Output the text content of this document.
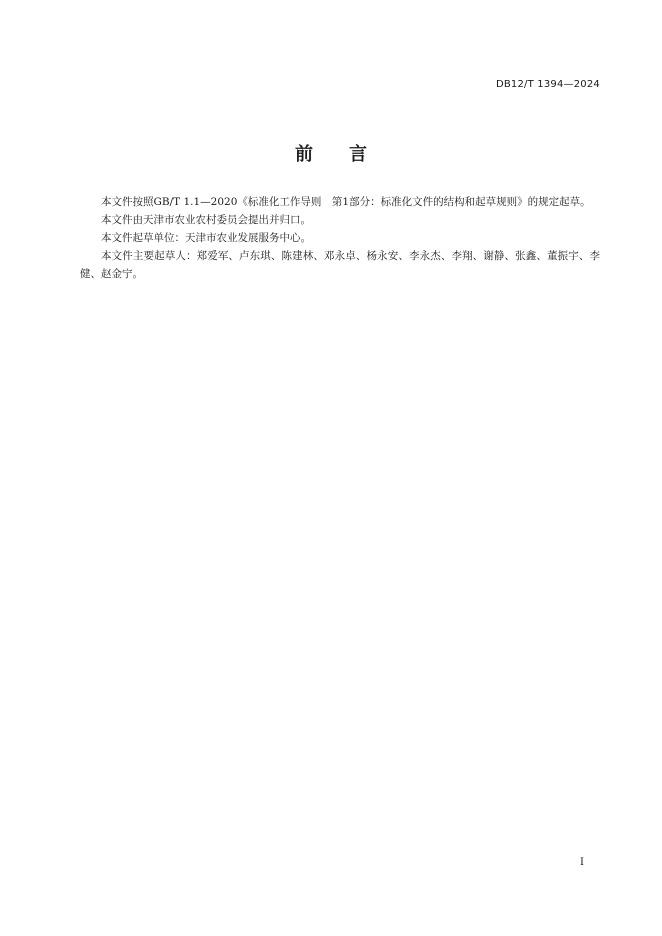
DB12/T 1394—2024
前 言

本文件按照GB/T 1.1—2020《标准化工作导则　第1部分：标准化文件的结构和起草规则》的规定起草。

本文件由天津市农业农村委员会提出并归口。

本文件起草单位：天津市农业发展服务中心。

本文件主要起草人：郑爱军、卢东琪、陈建林、邓永卓、杨永安、李永杰、李翔、谢静、张鑫、董振宇、李健、赵金宁。

I
